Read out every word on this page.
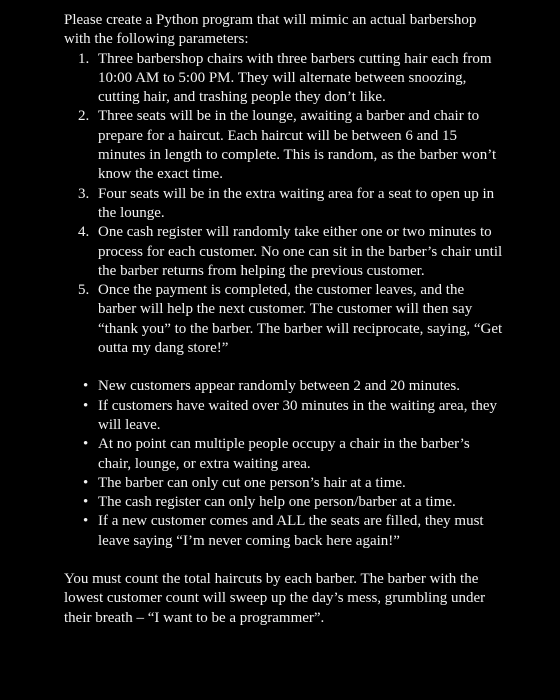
Please create a Python program that will mimic an actual barbershop with the following parameters:

1. Three barbershop chairs with three barbers cutting hair each from 10:00 AM to 5:00 PM. They will alternate between snoozing, cutting hair, and trashing people they don’t like.
2. Three seats will be in the lounge, awaiting a barber and chair to prepare for a haircut. Each haircut will be between 6 and 15 minutes in length to complete. This is random, as the barber won’t know the exact time.
3. Four seats will be in the extra waiting area for a seat to open up in the lounge.
4. One cash register will randomly take either one or two minutes to process for each customer. No one can sit in the barber’s chair until the barber returns from helping the previous customer.
5. Once the payment is completed, the customer leaves, and the barber will help the next customer. The customer will then say “thank you” to the barber. The barber will reciprocate, saying, “Get outta my dang store!”
• New customers appear randomly between 2 and 20 minutes.
• If customers have waited over 30 minutes in the waiting area, they will leave.
• At no point can multiple people occupy a chair in the barber’s chair, lounge, or extra waiting area.
• The barber can only cut one person’s hair at a time.
• The cash register can only help one person/barber at a time.
• If a new customer comes and ALL the seats are filled, they must leave saying “I’m never coming back here again!”

You must count the total haircuts by each barber. The barber with the lowest customer count will sweep up the day’s mess, grumbling under their breath – “I want to be a programmer”.
